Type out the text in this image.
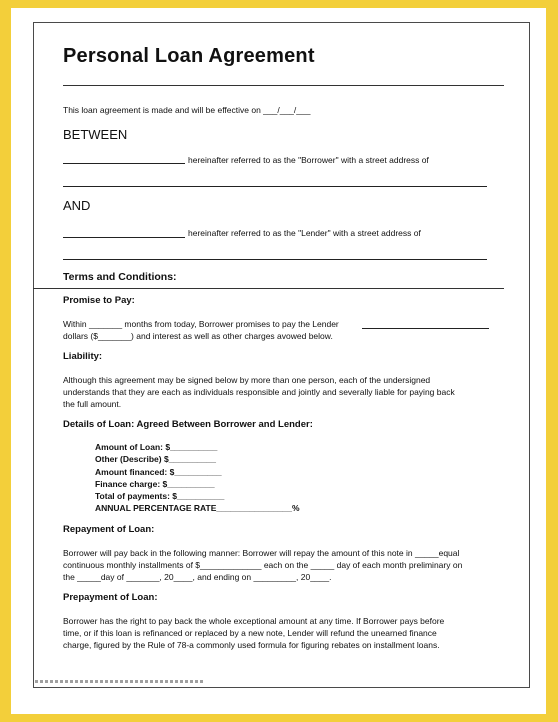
Personal Loan Agreement
This loan agreement is made and will be effective on ___/___/___
BETWEEN
hereinafter referred to as the "Borrower" with a street address of
AND
hereinafter referred to as the "Lender" with a street address of
Terms and Conditions:
Promise to Pay:
Within _______ months from today, Borrower promises to pay the Lender
dollars ($_______) and interest as well as other charges avowed below.
Liability:
Although this agreement may be signed below by more than one person, each of the undersigned
understands that they are each as individuals responsible and jointly and severally liable for paying back
the full amount.
Details of Loan: Agreed Between Borrower and Lender:
Amount of Loan: $__________
Other (Describe) $__________
Amount financed: $__________
Finance charge: $__________
Total of payments: $__________
ANNUAL PERCENTAGE RATE________________%
Repayment of Loan:
Borrower will pay back in the following manner: Borrower will repay the amount of this note in _____equal
continuous monthly installments of $_____________ each on the _____ day of each month preliminary on
the _____day of _______, 20____, and ending on _________, 20____.
Prepayment of Loan:
Borrower has the right to pay back the whole exceptional amount at any time. If Borrower pays before
time, or if this loan is refinanced or replaced by a new note, Lender will refund the unearned finance
charge, figured by the Rule of 78-a commonly used formula for figuring rebates on installment loans.
